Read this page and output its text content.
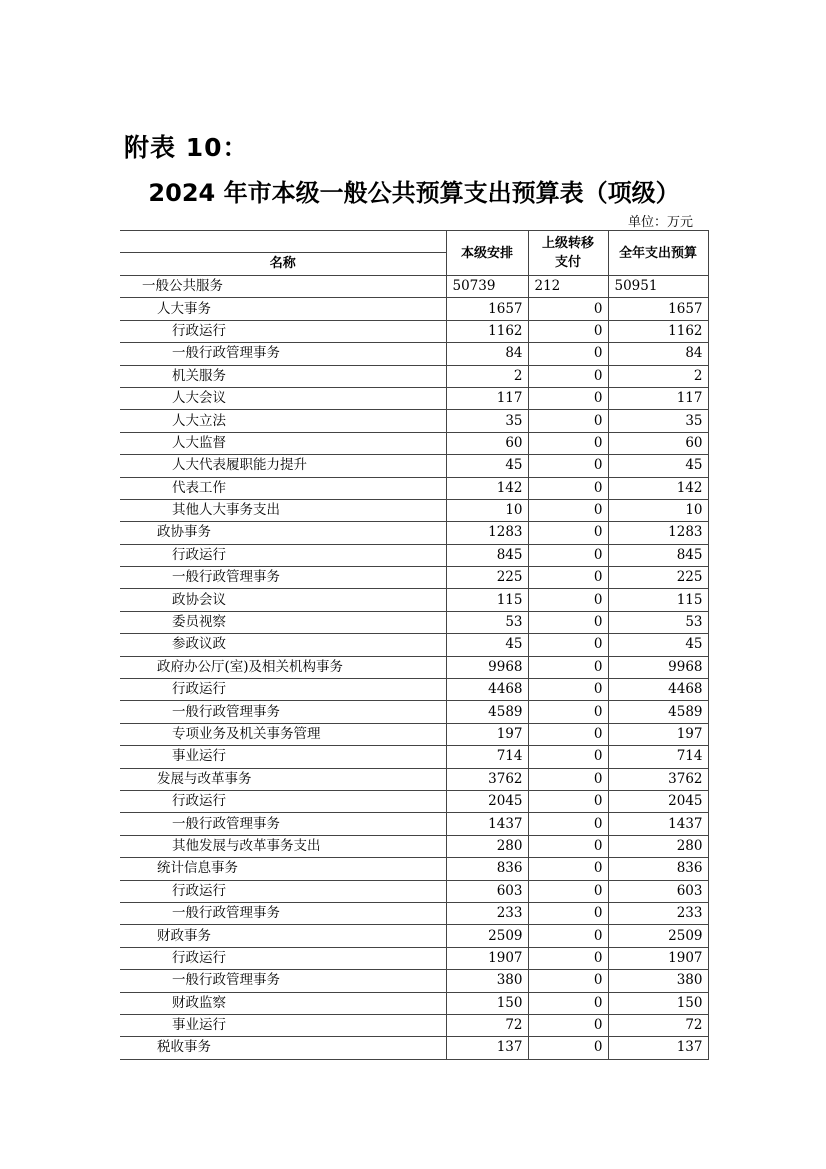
附表 10：
2024 年市本级一般公共预算支出预算表（项级）
单位：万元
名称	本级安排	上级转移支付	全年支出预算
一般公共服务	50739	212	50951
人大事务	1657	0	1657
行政运行	1162	0	1162
一般行政管理事务	84	0	84
机关服务	2	0	2
人大会议	117	0	117
人大立法	35	0	35
人大监督	60	0	60
人大代表履职能力提升	45	0	45
代表工作	142	0	142
其他人大事务支出	10	0	10
政协事务	1283	0	1283
行政运行	845	0	845
一般行政管理事务	225	0	225
政协会议	115	0	115
委员视察	53	0	53
参政议政	45	0	45
政府办公厅(室)及相关机构事务	9968	0	9968
行政运行	4468	0	4468
一般行政管理事务	4589	0	4589
专项业务及机关事务管理	197	0	197
事业运行	714	0	714
发展与改革事务	3762	0	3762
行政运行	2045	0	2045
一般行政管理事务	1437	0	1437
其他发展与改革事务支出	280	0	280
统计信息事务	836	0	836
行政运行	603	0	603
一般行政管理事务	233	0	233
财政事务	2509	0	2509
行政运行	1907	0	1907
一般行政管理事务	380	0	380
财政监察	150	0	150
事业运行	72	0	72
税收事务	137	0	137
